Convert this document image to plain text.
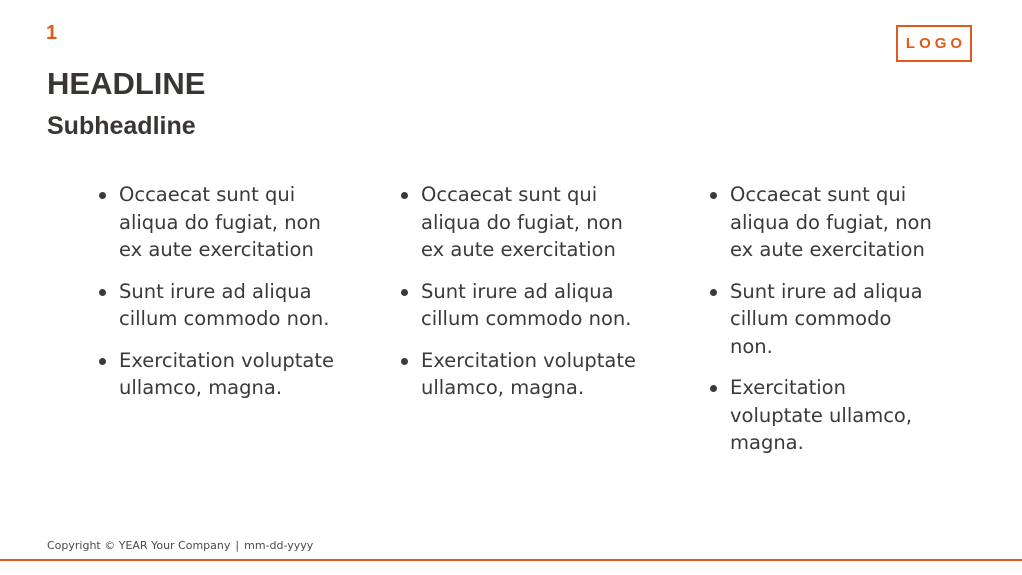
1	LOGO
HEADLINE
Subheadline
Occaecat sunt qui aliqua do fugiat, non ex aute exercitation
Sunt irure ad aliqua cillum commodo non.
Exercitation voluptate ullamco, magna.
Occaecat sunt qui aliqua do fugiat, non ex aute exercitation
Sunt irure ad aliqua cillum commodo non.
Exercitation voluptate ullamco, magna.
Occaecat sunt qui aliqua do fugiat, non ex aute exercitation
Sunt irure ad aliqua cillum commodo non.
Exercitation voluptate ullamco, magna.
Copyright © YEAR Your Company | mm-dd-yyyy
